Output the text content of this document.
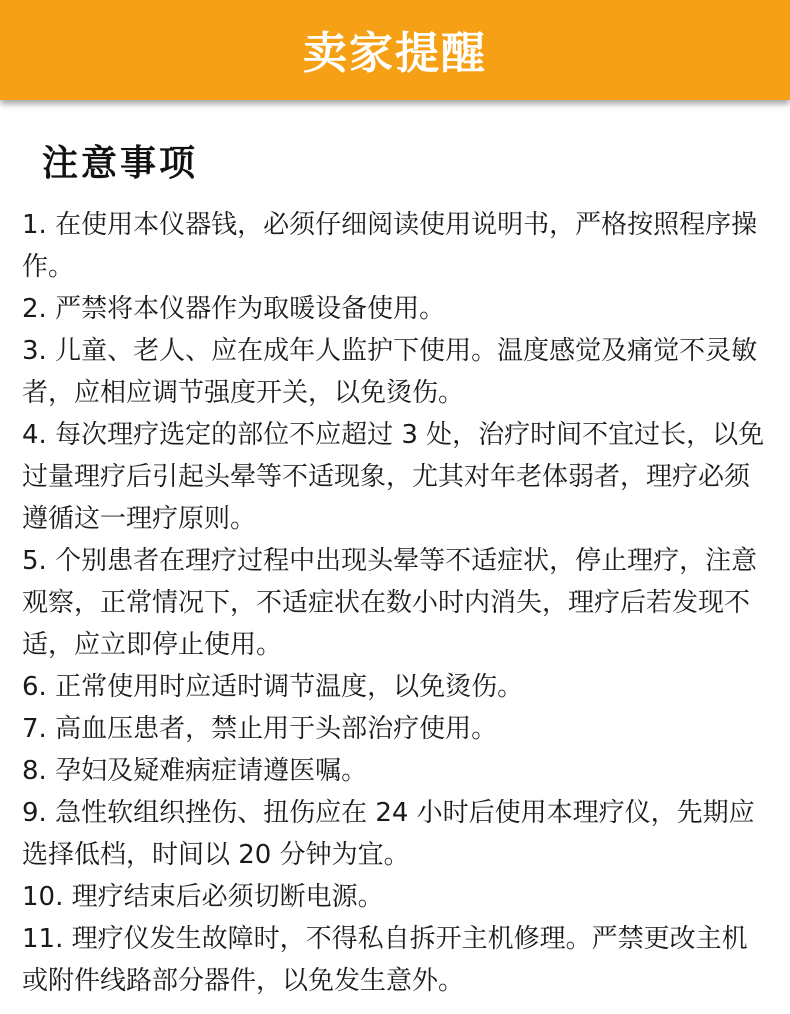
卖家提醒
注意事项
1. 在使用本仪器钱，必须仔细阅读使用说明书，严格按照程序操作。
2. 严禁将本仪器作为取暖设备使用。
3. 儿童、老人、应在成年人监护下使用。温度感觉及痛觉不灵敏者，应相应调节强度开关，以免烫伤。
4. 每次理疗选定的部位不应超过 3 处，治疗时间不宜过长，以免过量理疗后引起头晕等不适现象，尤其对年老体弱者，理疗必须遵循这一理疗原则。
5. 个别患者在理疗过程中出现头晕等不适症状，停止理疗，注意观察，正常情况下，不适症状在数小时内消失，理疗后若发现不适，应立即停止使用。
6. 正常使用时应适时调节温度，以免烫伤。
7. 高血压患者，禁止用于头部治疗使用。
8. 孕妇及疑难病症请遵医嘱。
9. 急性软组织挫伤、扭伤应在 24 小时后使用本理疗仪，先期应选择低档，时间以 20 分钟为宜。
10. 理疗结束后必须切断电源。
11. 理疗仪发生故障时，不得私自拆开主机修理。严禁更改主机或附件线路部分器件，以免发生意外。
